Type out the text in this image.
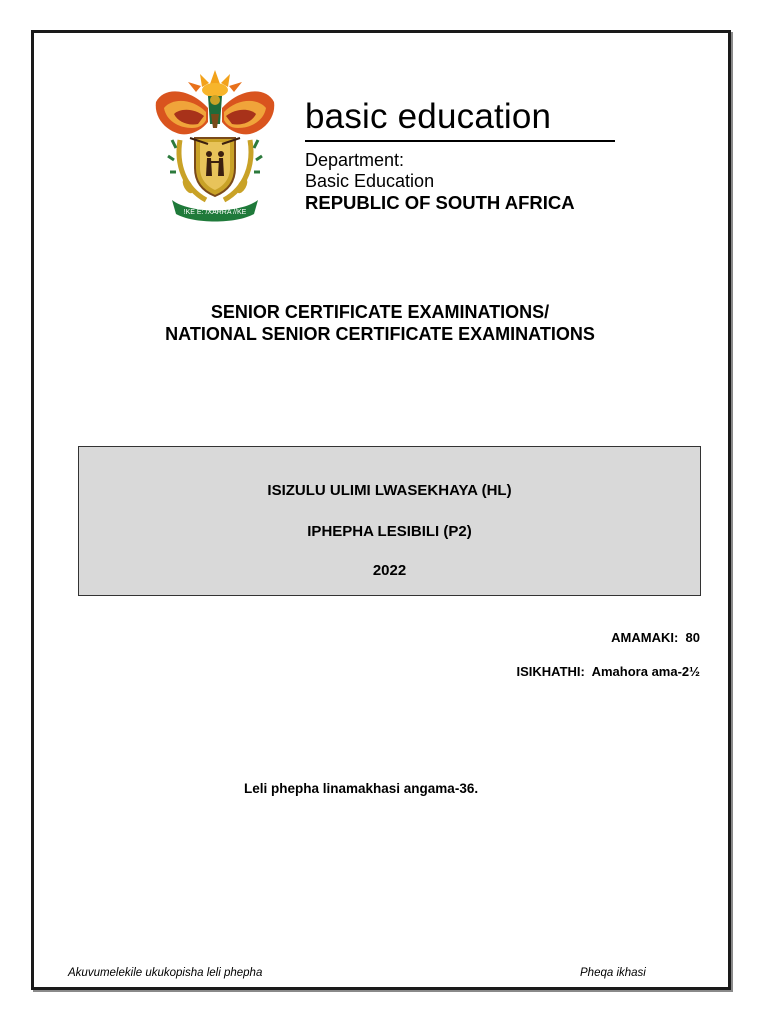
!KE E: /XARRA //KE
basic education
Department:
Basic Education
REPUBLIC OF SOUTH AFRICA
SENIOR CERTIFICATE EXAMINATIONS/
NATIONAL SENIOR CERTIFICATE EXAMINATIONS
ISIZULU ULIMI LWASEKHAYA (HL)
IPHEPHA LESIBILI (P2)
2022
AMAMAKI: 80
ISIKHATHI: Amahora ama-2½
Leli phepha linamakhasi angama-36.
Akuvumelekile ukukopisha leli phepha	Pheqa ikhasi
